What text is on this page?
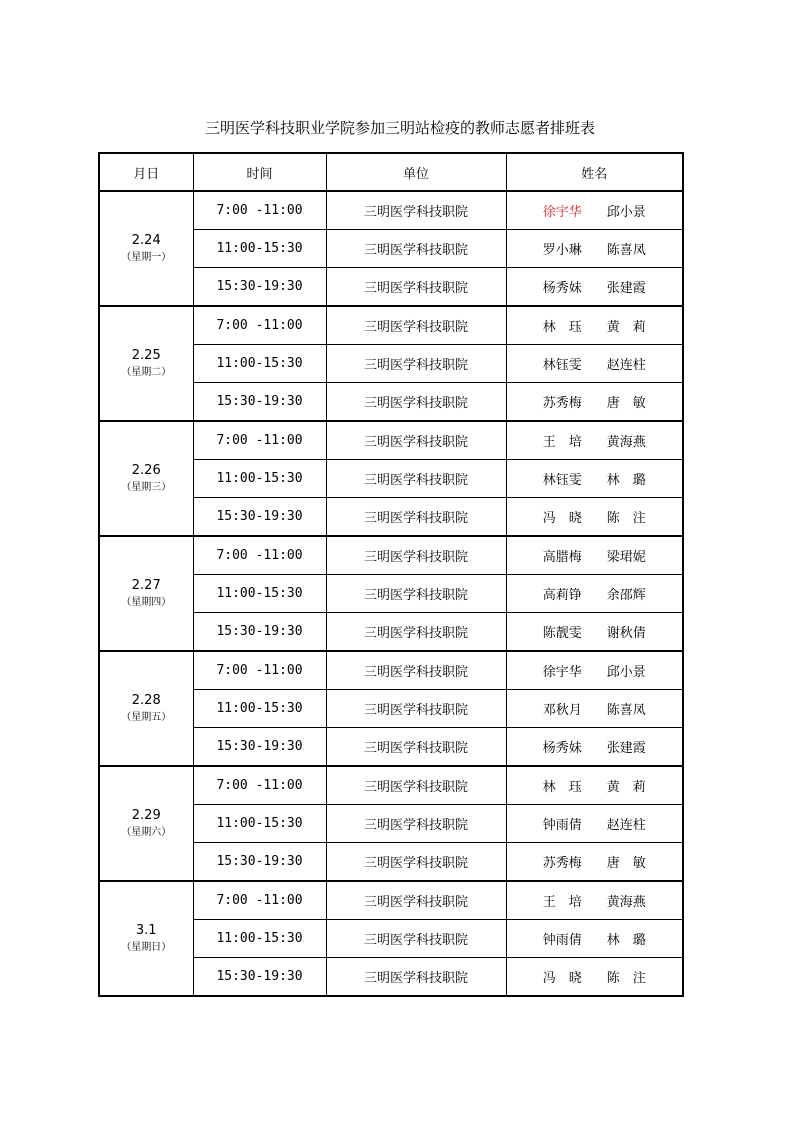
三明医学科技职业学院参加三明站检疫的教师志愿者排班表
月日	时间	单位	姓名

2.24
（星期一）	7:00 -11:00	三明医学科技职院	徐宇华 邱小景
	11:00-15:30	三明医学科技职院	罗小琳 陈喜凤
	15:30-19:30	三明医学科技职院	杨秀妹 张建霞

2.25
（星期二）	7:00 -11:00	三明医学科技职院	林　珏 黄　莉
	11:00-15:30	三明医学科技职院	林钰雯 赵连柱
	15:30-19:30	三明医学科技职院	苏秀梅 唐　敏

2.26
（星期三）	7:00 -11:00	三明医学科技职院	王　培 黄海燕
	11:00-15:30	三明医学科技职院	林钰雯 林　璐
	15:30-19:30	三明医学科技职院	冯　晓 陈　注

2.27
（星期四）	7:00 -11:00	三明医学科技职院	高腊梅 梁珺妮
	11:00-15:30	三明医学科技职院	高莉铮 余邵辉
	15:30-19:30	三明医学科技职院	陈靓雯 谢秋倩

2.28
（星期五）	7:00 -11:00	三明医学科技职院	徐宇华 邱小景
	11:00-15:30	三明医学科技职院	邓秋月 陈喜凤
	15:30-19:30	三明医学科技职院	杨秀妹 张建霞

2.29
（星期六）	7:00 -11:00	三明医学科技职院	林　珏 黄　莉
	11:00-15:30	三明医学科技职院	钟雨倩 赵连柱
	15:30-19:30	三明医学科技职院	苏秀梅 唐　敏

3.1
（星期日）	7:00 -11:00	三明医学科技职院	王　培 黄海燕
	11:00-15:30	三明医学科技职院	钟雨倩 林　璐
	15:30-19:30	三明医学科技职院	冯　晓 陈　注
